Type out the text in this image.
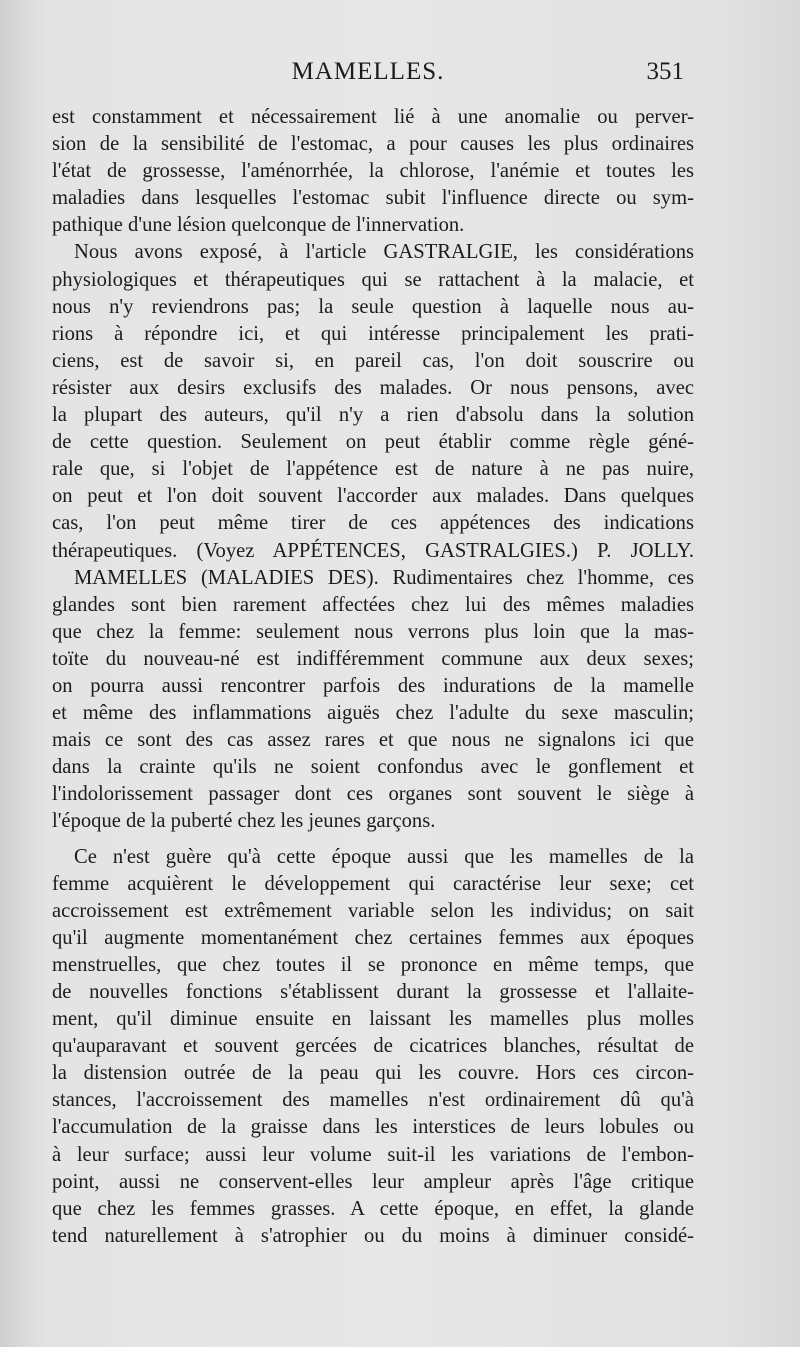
MAMELLES.	351
est constamment et nécessairement lié à une anomalie ou perver-
sion de la sensibilité de l'estomac, a pour causes les plus ordinaires
l'état de grossesse, l'aménorrhée, la chlorose, l'anémie et toutes les
maladies dans lesquelles l'estomac subit l'influence directe ou sym-
pathique d'une lésion quelconque de l'innervation.
Nous avons exposé, à l'article GASTRALGIE, les considérations
physiologiques et thérapeutiques qui se rattachent à la malacie, et
nous n'y reviendrons pas; la seule question à laquelle nous au-
rions à répondre ici, et qui intéresse principalement les prati-
ciens, est de savoir si, en pareil cas, l'on doit souscrire ou
résister aux desirs exclusifs des malades. Or nous pensons, avec
la plupart des auteurs, qu'il n'y a rien d'absolu dans la solution
de cette question. Seulement on peut établir comme règle géné-
rale que, si l'objet de l'appétence est de nature à ne pas nuire,
on peut et l'on doit souvent l'accorder aux malades. Dans quelques
cas, l'on peut même tirer de ces appétences des indications
thérapeutiques. (Voyez APPÉTENCES, GASTRALGIES.) P. JOLLY.
MAMELLES (MALADIES DES). Rudimentaires chez l'homme, ces
glandes sont bien rarement affectées chez lui des mêmes maladies
que chez la femme: seulement nous verrons plus loin que la mas-
toïte du nouveau-né est indifféremment commune aux deux sexes;
on pourra aussi rencontrer parfois des indurations de la mamelle
et même des inflammations aiguës chez l'adulte du sexe masculin;
mais ce sont des cas assez rares et que nous ne signalons ici que
dans la crainte qu'ils ne soient confondus avec le gonflement et
l'indolorissement passager dont ces organes sont souvent le siège à
l'époque de la puberté chez les jeunes garçons.
Ce n'est guère qu'à cette époque aussi que les mamelles de la
femme acquièrent le développement qui caractérise leur sexe; cet
accroissement est extrêmement variable selon les individus; on sait
qu'il augmente momentanément chez certaines femmes aux époques
menstruelles, que chez toutes il se prononce en même temps, que
de nouvelles fonctions s'établissent durant la grossesse et l'allaite-
ment, qu'il diminue ensuite en laissant les mamelles plus molles
qu'auparavant et souvent gercées de cicatrices blanches, résultat de
la distension outrée de la peau qui les couvre. Hors ces circon-
stances, l'accroissement des mamelles n'est ordinairement dû qu'à
l'accumulation de la graisse dans les interstices de leurs lobules ou
à leur surface; aussi leur volume suit-il les variations de l'embon-
point, aussi ne conservent-elles leur ampleur après l'âge critique
que chez les femmes grasses. A cette époque, en effet, la glande
tend naturellement à s'atrophier ou du moins à diminuer considé-
